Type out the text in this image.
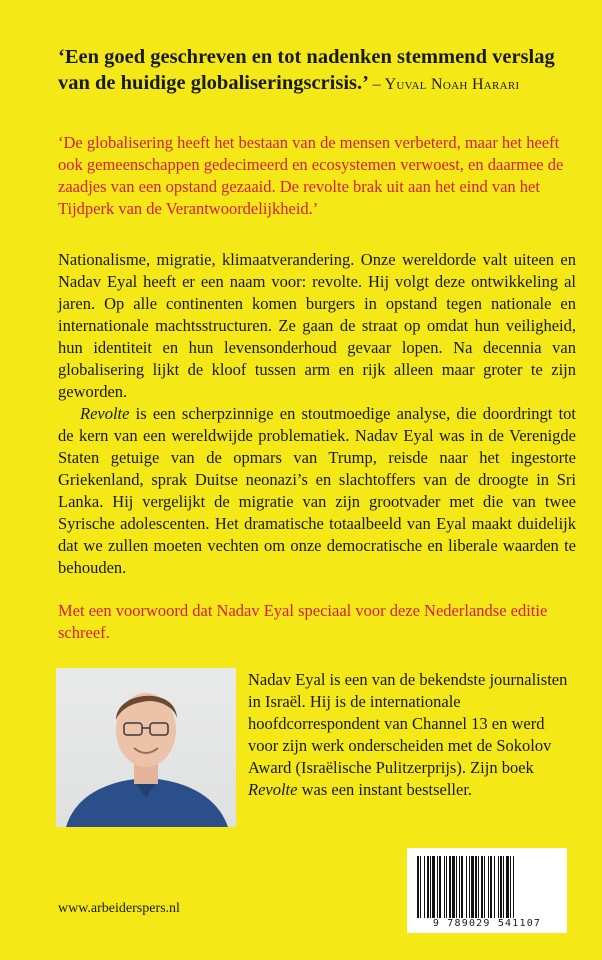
‘Een goed geschreven en tot nadenken stemmend verslag van de huidige globaliseringscrisis.’ – Yuval Noah Harari
‘De globalisering heeft het bestaan van de mensen verbeterd, maar het heeft ook gemeenschappen gedecimeerd en ecosystemen verwoest, en daarmee de zaadjes van een opstand gezaaid. De revolte brak uit aan het eind van het Tijdperk van de Verantwoordelijkheid.’

Nationalisme, migratie, klimaatverandering. Onze wereldorde valt uiteen en Nadav Eyal heeft er een naam voor: revolte. Hij volgt deze ontwikkeling al jaren. Op alle continenten komen burgers in opstand tegen nationale en internationale machtsstructuren. Ze gaan de straat op omdat hun veiligheid, hun identiteit en hun levensonderhoud gevaar lopen. Na decennia van globalisering lijkt de kloof tussen arm en rijk alleen maar groter te zijn geworden.

Revolte is een scherpzinnige en stoutmoedige analyse, die doordringt tot de kern van een wereldwijde problematiek. Nadav Eyal was in de Verenigde Staten getuige van de opmars van Trump, reisde naar het ingestorte Griekenland, sprak Duitse neonazi’s en slachtoffers van de droogte in Sri Lanka. Hij vergelijkt de migratie van zijn grootvader met die van twee Syrische adolescenten. Het dramatische totaalbeeld van Eyal maakt duidelijk dat we zullen moeten vechten om onze democratische en liberale waarden te behouden.

Met een voorwoord dat Nadav Eyal speciaal voor deze Nederlandse editie schreef.
Nadav Eyal is een van de bekendste journalisten in Israël. Hij is de internationale hoofdcorrespondent van Channel 13 en werd voor zijn werk onderscheiden met de Sokolov Award (Israëlische Pulitzerprijs). Zijn boek Revolte was een instant bestseller.
9 789029 541107
www.arbeiderspers.nl
